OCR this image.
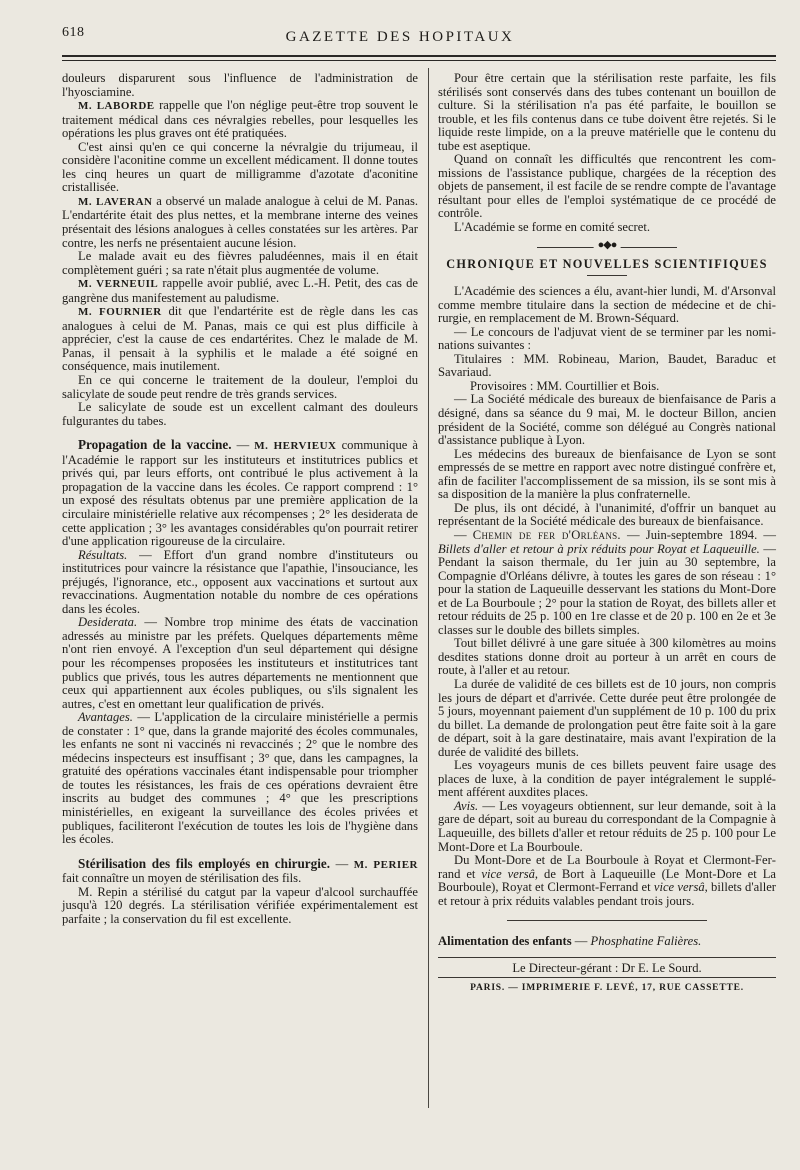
618	GAZETTE DES HOPITAUX

douleurs disparurent sous l'influence de l'administration de l'hyosciamine.

M. LABORDE rappelle que l'on néglige peut-être trop souvent le traitement médical dans ces névralgies rebelles, pour lesquelles les opérations les plus graves ont été pratiquées.

C'est ainsi qu'en ce qui concerne la névralgie du trijumeau, il considère l'aconitine comme un excellent médicament. Il donne toutes les cinq heures un quart de milligramme d'azotate d'aconitine cristallisée.

M. LAVERAN a observé un malade analogue à celui de M. Panas. L'endartérite était des plus nettes, et la membrane interne des veines présentait des lésions analogues à celles constatées sur les artères. Par contre, les nerfs ne présentaient aucune lésion.

Le malade avait eu des fièvres paludéennes, mais il en était complètement guéri ; sa rate n'était plus augmentée de volume.

M. VERNEUIL rappelle avoir publié, avec L.-H. Petit, des cas de gangrène dus manifestement au paludisme.

M. FOURNIER dit que l'endartérite est de règle dans les cas analogues à celui de M. Panas, mais ce qui est plus difficile à apprécier, c'est la cause de ces endartérites. Chez le malade de M. Panas, il pensait à la syphilis et le malade a été soigné en conséquence, mais inutilement.

En ce qui concerne le traitement de la douleur, l'emploi du salicylate de soude peut rendre de très grands services.

Le salicylate de soude est un excellent calmant des douleurs fulgurantes du tabes.

Propagation de la vaccine. — M. HERVIEUX communique à l'Académie le rapport sur les instituteurs et institutrices publics et privés qui, par leurs efforts, ont contribué le plus activement à la propagation de la vaccine dans les écoles. Ce rapport comprend : 1° un exposé des résultats obtenus par une première application de la circulaire ministérielle relative aux récompenses ; 2° les desiderata de cette application ; 3° les avantages considérables qu'on pourrait retirer d'une application rigoureuse de la circulaire.

Résultats. — Effort d'un grand nombre d'instituteurs ou institutrices pour vaincre la résistance que l'apathie, l'insouciance, les préjugés, l'ignorance, etc., opposent aux vaccinations et surtout aux revaccinations. Augmentation notable du nombre de ces opérations dans les écoles.

Desiderata. — Nombre trop minime des états de vaccination adressés au ministre par les préfets. Quelques départements même n'ont rien envoyé. A l'exception d'un seul département qui désigne pour les récompenses proposées les instituteurs et institutrices tant publics que privés, tous les autres départements ne mentionnent que ceux qui appartiennent aux écoles publiques, ou s'ils signalent les autres, c'est en omettant leur qualification de privés.

Avantages. — L'application de la circulaire ministérielle a permis de constater : 1° que, dans la grande majorité des écoles communales, les enfants ne sont ni vaccinés ni revaccinés ; 2° que le nombre des médecins inspecteurs est insuffisant ; 3° que, dans les campagnes, la gratuité des opérations vaccinales étant indispensable pour triompher de toutes les résistances, les frais de ces opérations devraient être inscrits au budget des communes ; 4° que les prescriptions ministérielles, en exigeant la surveillance des écoles privées et publiques, faciliteront l'exécution de toutes les lois de l'hygiène dans les écoles.

Stérilisation des fils employés en chirurgie. — M. PERIER fait connaître un moyen de stérilisation des fils.

M. Repin a stérilisé du catgut par la vapeur d'alcool surchauffée jusqu'à 120 degrés. La stérilisation vérifiée expérimentalement est parfaite ; la conservation du fil est excellente.

Pour être certain que la stérilisation reste parfaite, les fils stérilisés sont conservés dans des tubes contenant un bouillon de culture. Si la stérilisation n'a pas été parfaite, le bouillon se trouble, et les fils contenus dans ce tube doivent être rejetés. Si le liquide reste limpide, on a la preuve matérielle que le contenu du tube est aseptique.

Quand on connaît les difficultés que rencontrent les commissions de l'assistance publique, chargées de la réception des objets de pansement, il est facile de se rendre compte de l'avantage résultant pour elles de l'emploi systématique de ce procédé de contrôle.

L'Académie se forme en comité secret.

●◆●
CHRONIQUE ET NOUVELLES SCIENTIFIQUES

L'Académie des sciences a élu, avant-hier lundi, M. d'Arsonval comme membre titulaire dans la section de médecine et de chirurgie, en remplacement de M. Brown-Séquard.

— Le concours de l'adjuvat vient de se terminer par les nominations suivantes :

Titulaires : MM. Robineau, Marion, Baudet, Baraduc et Savariaud.

Provisoires : MM. Courtillier et Bois.

— La Société médicale des bureaux de bienfaisance de Paris a désigné, dans sa séance du 9 mai, M. le docteur Billon, ancien président de la Société, comme son délégué au Congrès national d'assistance publique à Lyon.

Les médecins des bureaux de bienfaisance de Lyon se sont empressés de se mettre en rapport avec notre distingué confrère et, afin de faciliter l'accomplissement de sa mission, ils se sont mis à sa disposition de la manière la plus confraternelle.

De plus, ils ont décidé, à l'unanimité, d'offrir un banquet au représentant de la Société médicale des bureaux de bienfaisance.

— Chemin de fer d'Orléans. — Juin-septembre 1894. — Billets d'aller et retour à prix réduits pour Royat et Laqueuille. — Pendant la saison thermale, du 1er juin au 30 septembre, la Compagnie d'Orléans délivre, à toutes les gares de son réseau : 1° pour la station de Laqueuille desservant les stations du Mont-Dore et de La Bourboule ; 2° pour la station de Royat, des billets aller et retour réduits de 25 p. 100 en 1re classe et de 20 p. 100 en 2e et 3e classes sur le double des billets simples.

Tout billet délivré à une gare située à 300 kilomètres au moins desdites stations donne droit au porteur à un arrêt en cours de route, à l'aller et au retour.

La durée de validité de ces billets est de 10 jours, non compris les jours de départ et d'arrivée. Cette durée peut être prolongée de 5 jours, moyennant paiement d'un supplément de 10 p. 100 du prix du billet. La demande de prolongation peut être faite soit à la gare de départ, soit à la gare destinataire, mais avant l'expiration de la durée de validité des billets.

Les voyageurs munis de ces billets peuvent faire usage des places de luxe, à la condition de payer intégralement le supplément afférent auxdites places.

Avis. — Les voyageurs obtiennent, sur leur demande, soit à la gare de départ, soit au bureau du correspondant de la Compagnie à Laqueuille, des billets d'aller et retour réduits de 25 p. 100 pour Le Mont-Dore et La Bourboule.

Du Mont-Dore et de La Bourboule à Royat et Clermont-Ferrand et vice versâ, de Bort à Laqueuille (Le Mont-Dore et La Bourboule), Royat et Clermont-Ferrand et vice versâ, billets d'aller et retour à prix réduits valables pendant trois jours.

Alimentation des enfants — Phosphatine Falières.

Le Directeur-gérant : Dr E. Le Sourd.
PARIS. — IMPRIMERIE F. LEVÉ, 17, RUE CASSETTE.
